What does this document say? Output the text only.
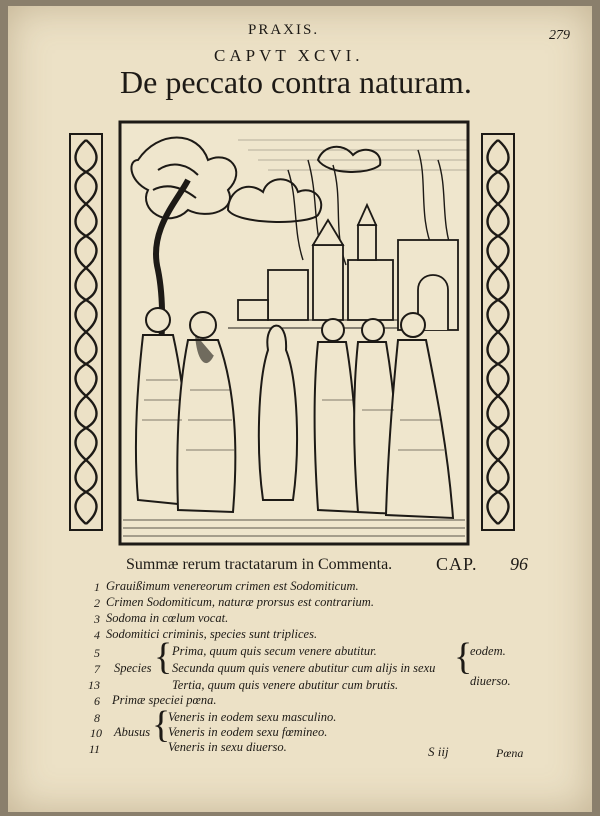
PRAXIS.	279
CAPVT XCVI.
De peccato contra naturam.
Summæ rerum tractatarum in Commenta. CAP. 96
1 Grauißimum venereorum crimen est Sodomiticum.
2 Crimen Sodomiticum, naturæ prorsus est contrarium.
3 Sodoma in cœlum vocat.
4 Sodomitici criminis, species sunt triplices.
5
7
13
Species { Prima, quum quis secum venere abutitur.
Secunda quum quis venere abutitur cum alijs in sexu
Tertia, quum quis venere abutitur cum brutis.
{
eodem.
diuerso.
6 Primæ speciei pœna.
8
10
11
Abusus {
Veneris in eodem sexu masculino.
Veneris in eodem sexu fœmineo.
Veneris in sexu diuerso.	S iij	Pœna
